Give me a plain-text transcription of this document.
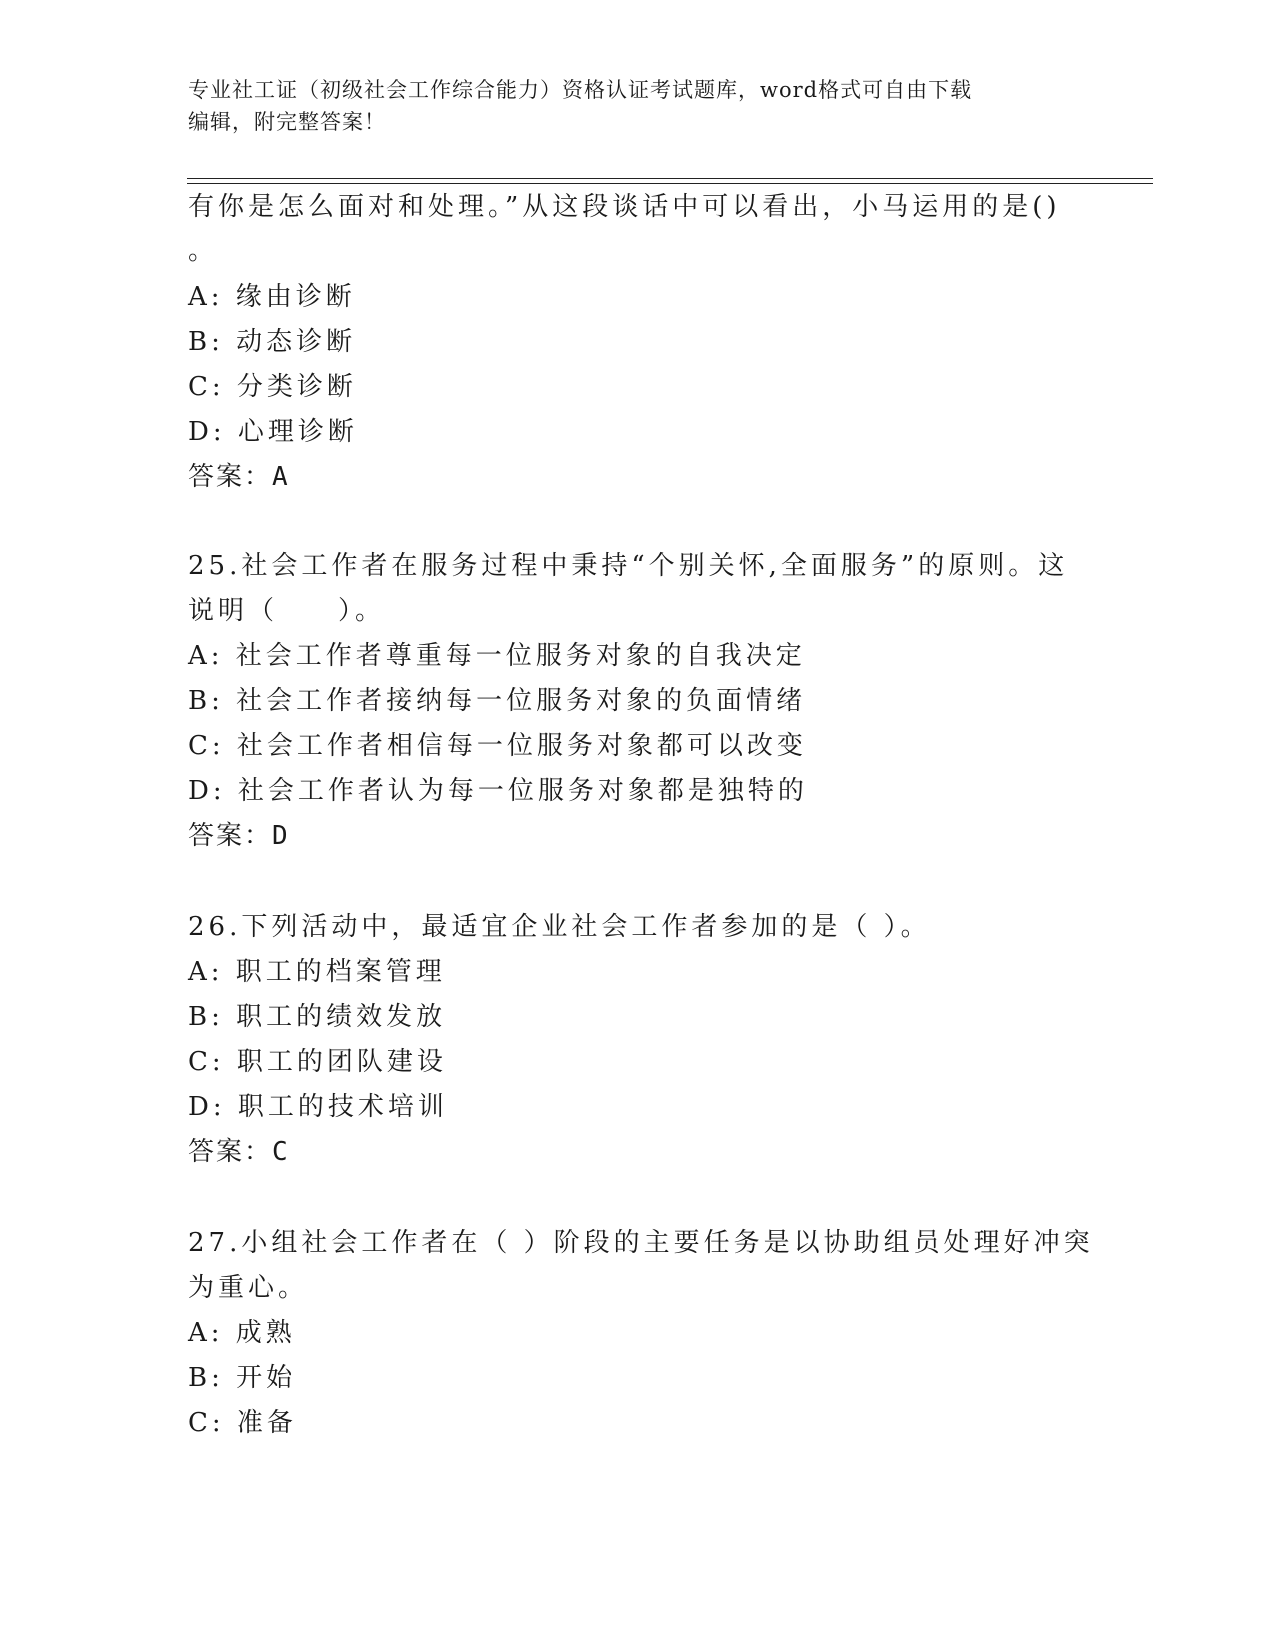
专业社工证（初级社会工作综合能力）资格认证考试题库，word格式可自由下载
编辑，附完整答案！
有你是怎么面对和处理。”从这段谈话中可以看出，小马运用的是()
。
A: 缘由诊断
B: 动态诊断
C: 分类诊断
D: 心理诊断
答案：A
25.社会工作者在服务过程中秉持“个别关怀,全面服务”的原则。这
说明（　　）。
A: 社会工作者尊重每一位服务对象的自我决定
B: 社会工作者接纳每一位服务对象的负面情绪
C: 社会工作者相信每一位服务对象都可以改变
D: 社会工作者认为每一位服务对象都是独特的
答案：D
26.下列活动中，最适宜企业社会工作者参加的是（ ）。
A: 职工的档案管理
B: 职工的绩效发放
C: 职工的团队建设
D: 职工的技术培训
答案：C
27.小组社会工作者在（ ）阶段的主要任务是以协助组员处理好冲突
为重心。
A: 成熟
B: 开始
C: 准备
